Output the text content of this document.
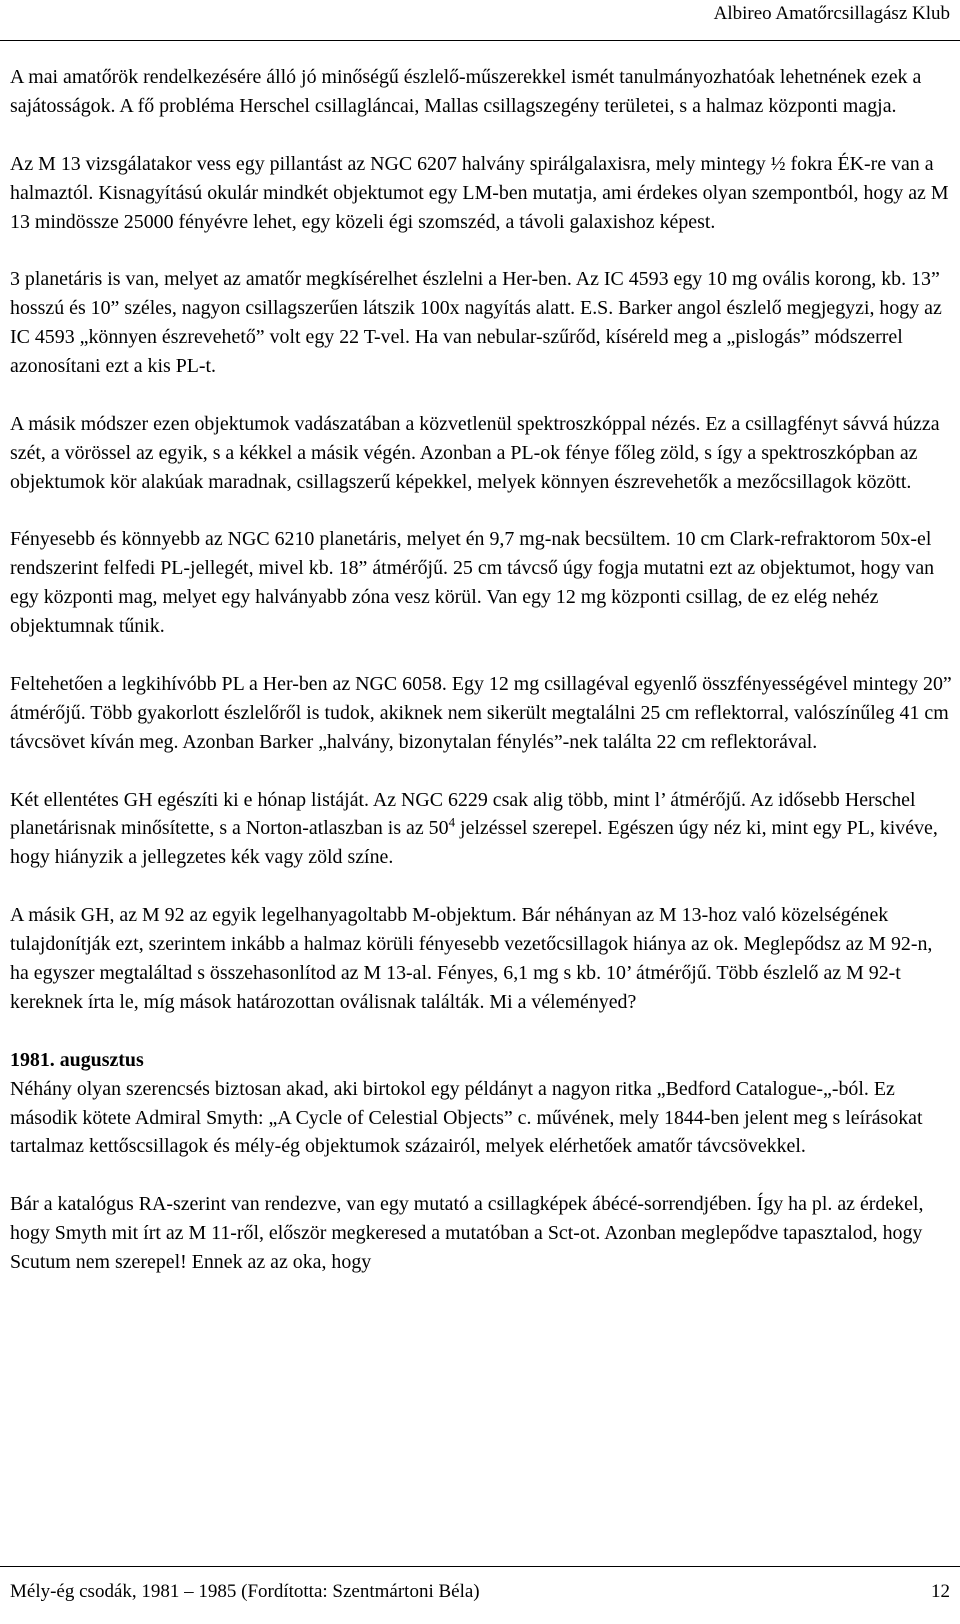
Albireo Amatőrcsillagász Klub

A mai amatőrök rendelkezésére álló jó minőségű észlelő-műszerekkel ismét tanulmányozhatóak lehetnének ezek a sajátosságok. A fő probléma Herschel csillagláncai, Mallas csillagszegény területei, s a halmaz központi magja.

Az M 13 vizsgálatakor vess egy pillantást az NGC 6207 halvány spirálgalaxisra, mely mintegy ½ fokra ÉK-re van a halmaztól. Kisnagyítású okulár mindkét objektumot egy LM-ben mutatja, ami érdekes olyan szempontból, hogy az M 13 mindössze 25000 fényévre lehet, egy közeli égi szomszéd, a távoli galaxishoz képest.

3 planetáris is van, melyet az amatőr megkísérelhet észlelni a Her-ben. Az IC 4593 egy 10 mg ovális korong, kb. 13” hosszú és 10” széles, nagyon csillagszerűen látszik 100x nagyítás alatt. E.S. Barker angol észlelő megjegyzi, hogy az IC 4593 „könnyen észrevehető” volt egy 22 T-vel. Ha van nebular-szűrőd, kíséreld meg a „pislogás” módszerrel azonosítani ezt a kis PL-t.

A másik módszer ezen objektumok vadászatában a közvetlenül spektroszkóppal nézés. Ez a csillagfényt sávvá húzza szét, a vörössel az egyik, s a kékkel a másik végén. Azonban a PL-ok fénye főleg zöld, s így a spektroszkópban az objektumok kör alakúak maradnak, csillagszerű képekkel, melyek könnyen észrevehetők a mezőcsillagok között.

Fényesebb és könnyebb az NGC 6210 planetáris, melyet én 9,7 mg-nak becsültem. 10 cm Clark-refraktorom 50x-el rendszerint felfedi PL-jellegét, mivel kb. 18” átmérőjű. 25 cm távcső úgy fogja mutatni ezt az objektumot, hogy van egy központi mag, melyet egy halványabb zóna vesz körül. Van egy 12 mg központi csillag, de ez elég nehéz objektumnak tűnik.

Feltehetően a legkihívóbb PL a Her-ben az NGC 6058. Egy 12 mg csillagéval egyenlő összfényességével mintegy 20” átmérőjű. Több gyakorlott észlelőről is tudok, akiknek nem sikerült megtalálni 25 cm reflektorral, valószínűleg 41 cm távcsövet kíván meg. Azonban Barker „halvány, bizonytalan fénylés”-nek találta 22 cm reflektorával.

Két ellentétes GH egészíti ki e hónap listáját. Az NGC 6229 csak alig több, mint l’ átmérőjű. Az idősebb Herschel planetárisnak minősítette, s a Norton-atlaszban is az $50^4$ jelzéssel szerepel. Egészen úgy néz ki, mint egy PL, kivéve, hogy hiányzik a jellegzetes kék vagy zöld színe.

A másik GH, az M 92 az egyik legelhanyagoltabb M-objektum. Bár néhányan az M 13-hoz való közelségének tulajdonítják ezt, szerintem inkább a halmaz körüli fényesebb vezetőcsillagok hiánya az ok. Meglepődsz az M 92-n, ha egyszer megtaláltad s összehasonlítod az M 13-al. Fényes, 6,1 mg s kb. 10’ átmérőjű. Több észlelő az M 92-t kereknek írta le, míg mások határozottan oválisnak találták. Mi a véleményed?

1981. augusztus

Néhány olyan szerencsés biztosan akad, aki birtokol egy példányt a nagyon ritka „Bedford Catalogue-„-ból. Ez második kötete Admiral Smyth: „A Cycle of Celestial Objects” c. művének, mely 1844-ben jelent meg s leírásokat tartalmaz kettőscsillagok és mély-ég objektumok százairól, melyek elérhetőek amatőr távcsövekkel.

Bár a katalógus RA-szerint van rendezve, van egy mutató a csillagképek ábécé-sorrendjében. Így ha pl. az érdekel, hogy Smyth mit írt az M 11-ről, először megkeresed a mutatóban a Sct-ot. Azonban meglepődve tapasztalod, hogy Scutum nem szerepel! Ennek az az oka, hogy

Mély-ég csodák, 1981 – 1985 (Fordította: Szentmártoni Béla)	12
